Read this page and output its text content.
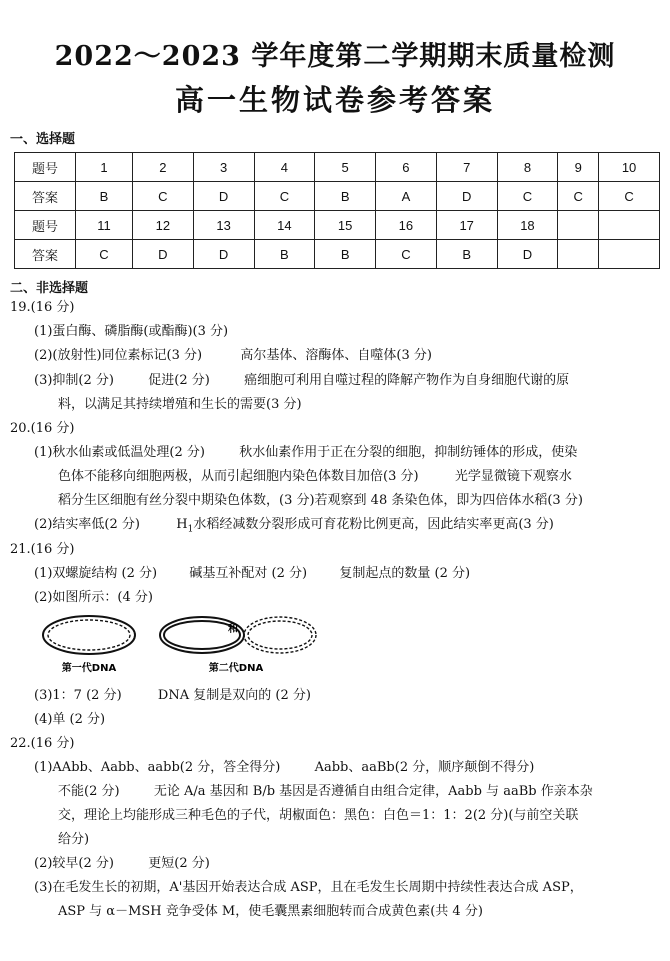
2022～2023 学年度第二学期期末质量检测
高一生物试卷参考答案
一、选择题
题号	1	2	3	4	5	6	7	8	9	10
答案	B	C	D	C	B	A	D	C	C	C
题号	11	12	13	14	15	16	17	18		
答案	C	D	D	B	B	C	B	D		
二、非选择题
19.(16 分)
(1)蛋白酶、磷脂酶(或酯酶)(3 分)
(2)(放射性)同位素标记(3 分)	高尔基体、溶酶体、自噬体(3 分)
(3)抑制(2 分)	促进(2 分)	癌细胞可利用自噬过程的降解产物作为自身细胞代谢的原
料，以满足其持续增殖和生长的需要(3 分)
20.(16 分)
(1)秋水仙素或低温处理(2 分)	秋水仙素作用于正在分裂的细胞，抑制纺锤体的形成，使染
色体不能移向细胞两极，从而引起细胞内染色体数目加倍(3 分)	光学显微镜下观察水
稻分生区细胞有丝分裂中期染色体数，(3 分)若观察到 48 条染色体，即为四倍体水稻(3 分)
(2)结实率低(2 分)	$H_1$水稻经减数分裂形成可育花粉比例更高，因此结实率更高(3 分)
21.(16 分)
(1)双螺旋结构 (2 分) 碱基互补配对 (2 分) 复制起点的数量 (2 分)
(2)如图所示：(4 分)
和
第一代DNA	第二代DNA
(3)1：7 (2 分)	DNA 复制是双向的 (2 分)
(4)单 (2 分)
22.(16 分)
(1)AAbb、Aabb、aabb(2 分，答全得分)	Aabb、aaBb(2 分，顺序颠倒不得分)
不能(2 分)	无论 A/a 基因和 B/b 基因是否遵循自由组合定律，Aabb 与 aaBb 作亲本杂
交，理论上均能形成三种毛色的子代，胡椒面色：黑色：白色＝1：1：2(2 分)(与前空关联
给分)
(2)较早(2 分)	更短(2 分)
(3)在毛发生长的初期，A'基因开始表达合成 ASP，且在毛发生长周期中持续性表达合成 ASP，
ASP 与 α－MSH 竞争受体 M，使毛囊黑素细胞转而合成黄色素(共 4 分)
